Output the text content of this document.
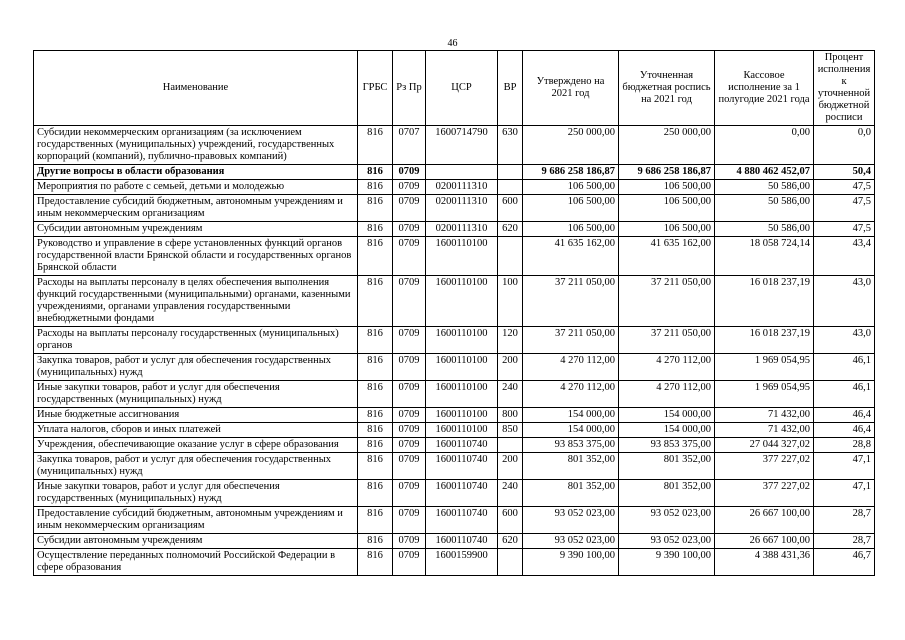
46
Наименование	ГРБС	Рз Пр	ЦСР	ВР	Утверждено на 2021 год	Уточненная бюджетная роспись на 2021 год	Кассовое исполнение за 1 полугодие 2021 года	Процент исполнения к уточненной бюджетной росписи
Субсидии некоммерческим организациям (за исключением государственных (муниципальных) учреждений, государственных корпораций (компаний), публично-правовых компаний)	816	0707	1600714790	630	250 000,00	250 000,00	0,00	0,0
Другие вопросы в области образования	816	0709			9 686 258 186,87	9 686 258 186,87	4 880 462 452,07	50,4
Мероприятия по работе с семьей, детьми и молодежью	816	0709	0200111310		106 500,00	106 500,00	50 586,00	47,5
Предоставление субсидий бюджетным, автономным учреждениям и иным некоммерческим организациям	816	0709	0200111310	600	106 500,00	106 500,00	50 586,00	47,5
Субсидии автономным учреждениям	816	0709	0200111310	620	106 500,00	106 500,00	50 586,00	47,5
Руководство и управление в сфере установленных функций органов государственной власти Брянской области и государственных органов Брянской области	816	0709	1600110100		41 635 162,00	41 635 162,00	18 058 724,14	43,4
Расходы на выплаты персоналу в целях обеспечения выполнения функций государственными (муниципальными) органами, казенными учреждениями, органами управления государственными внебюджетными фондами	816	0709	1600110100	100	37 211 050,00	37 211 050,00	16 018 237,19	43,0
Расходы на выплаты персоналу государственных (муниципальных) органов	816	0709	1600110100	120	37 211 050,00	37 211 050,00	16 018 237,19	43,0
Закупка товаров, работ и услуг для обеспечения государственных (муниципальных) нужд	816	0709	1600110100	200	4 270 112,00	4 270 112,00	1 969 054,95	46,1
Иные закупки товаров, работ и услуг для обеспечения государственных (муниципальных) нужд	816	0709	1600110100	240	4 270 112,00	4 270 112,00	1 969 054,95	46,1
Иные бюджетные ассигнования	816	0709	1600110100	800	154 000,00	154 000,00	71 432,00	46,4
Уплата налогов, сборов и иных платежей	816	0709	1600110100	850	154 000,00	154 000,00	71 432,00	46,4
Учреждения, обеспечивающие оказание услуг в сфере образования	816	0709	1600110740		93 853 375,00	93 853 375,00	27 044 327,02	28,8
Закупка товаров, работ и услуг для обеспечения государственных (муниципальных) нужд	816	0709	1600110740	200	801 352,00	801 352,00	377 227,02	47,1
Иные закупки товаров, работ и услуг для обеспечения государственных (муниципальных) нужд	816	0709	1600110740	240	801 352,00	801 352,00	377 227,02	47,1
Предоставление субсидий бюджетным, автономным учреждениям и иным некоммерческим организациям	816	0709	1600110740	600	93 052 023,00	93 052 023,00	26 667 100,00	28,7
Субсидии автономным учреждениям	816	0709	1600110740	620	93 052 023,00	93 052 023,00	26 667 100,00	28,7
Осуществление переданных полномочий Российской Федерации в сфере образования	816	0709	1600159900		9 390 100,00	9 390 100,00	4 388 431,36	46,7
